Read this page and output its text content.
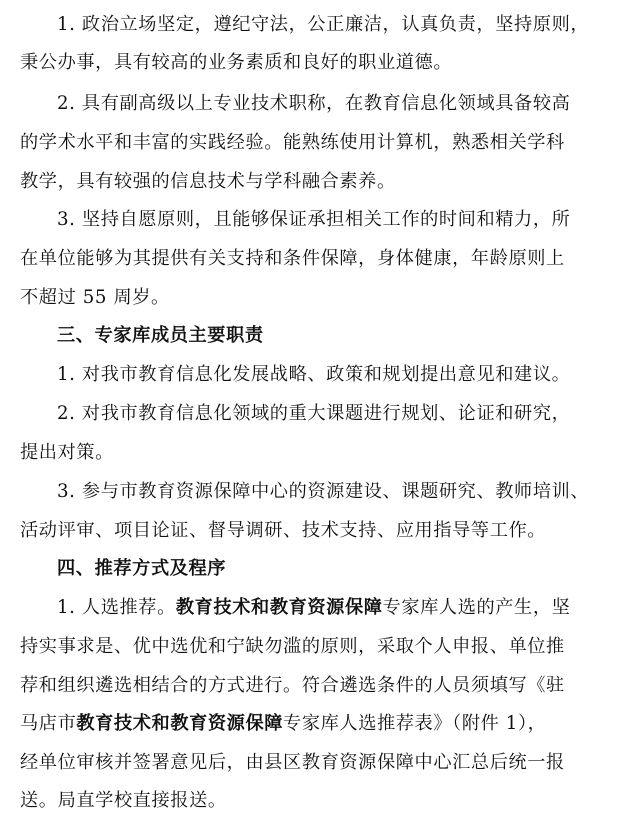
1. 政治立场坚定，遵纪守法，公正廉洁，认真负责，坚持原则，
秉公办事，具有较高的业务素质和良好的职业道德。
2. 具有副高级以上专业技术职称，在教育信息化领域具备较高
的学术水平和丰富的实践经验。能熟练使用计算机，熟悉相关学科
教学，具有较强的信息技术与学科融合素养。
3. 坚持自愿原则，且能够保证承担相关工作的时间和精力，所
在单位能够为其提供有关支持和条件保障，身体健康，年龄原则上
不超过 55 周岁。
三、专家库成员主要职责
1. 对我市教育信息化发展战略、政策和规划提出意见和建议。
2. 对我市教育信息化领域的重大课题进行规划、论证和研究，
提出对策。
3. 参与市教育资源保障中心的资源建设、课题研究、教师培训、
活动评审、项目论证、督导调研、技术支持、应用指导等工作。
四、推荐方式及程序
1. 人选推荐。教育技术和教育资源保障专家库人选的产生，坚
持实事求是、优中选优和宁缺勿滥的原则，采取个人申报、单位推
荐和组织遴选相结合的方式进行。符合遴选条件的人员须填写《驻
马店市教育技术和教育资源保障专家库人选推荐表》（附件 1），
经单位审核并签署意见后，由县区教育资源保障中心汇总后统一报
送。局直学校直接报送。
